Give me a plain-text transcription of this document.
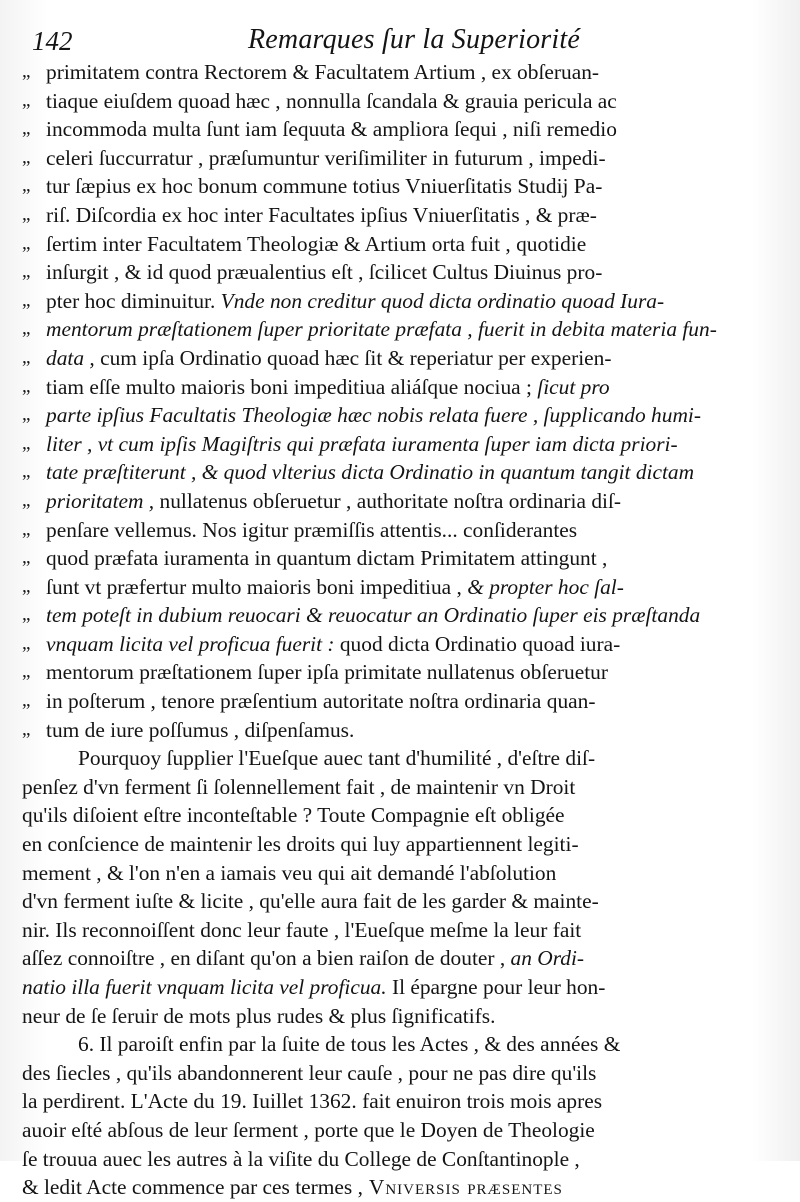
142	Remarques ſur la Superiorité
„ primitatem contra Rectorem & Facultatem Artium , ex obſeruan-
„ tiaque eiuſdem quoad hæc , nonnulla ſcandala & grauia pericula ac
„ incommoda multa ſunt iam ſequuta & ampliora ſequi , niſi remedio
„ celeri ſuccurratur , præſumuntur veriſimiliter in futurum , impedi-
„ tur ſæpius ex hoc bonum commune totius Vniuerſitatis Studij Pa-
„ riſ. Diſcordia ex hoc inter Facultates ipſius Vniuerſitatis , & præ-
„ ſertim inter Facultatem Theologiæ & Artium orta fuit , quotidie
„ inſurgit , & id quod præualentius eſt , ſcilicet Cultus Diuinus pro-
„ pter hoc diminuitur. Vnde non creditur quod dicta ordinatio quoad Iura-
„ mentorum præſtationem ſuper prioritate præfata , fuerit in debita materia fun-
„ data , cum ipſa Ordinatio quoad hæc ſit & reperiatur per experien-
„ tiam eſſe multo maioris boni impeditiua aliáſque nociua ; ſicut pro
„ parte ipſius Facultatis Theologiæ hæc nobis relata fuere , ſupplicando humi-
„ liter , vt cum ipſis Magiſtris qui præfata iuramenta ſuper iam dicta priori-
„ tate præſtiterunt , & quod vlterius dicta Ordinatio in quantum tangit dictam
„ prioritatem , nullatenus obſeruetur , authoritate noſtra ordinaria diſ-
„ penſare vellemus. Nos igitur præmiſſis attentis... conſiderantes
„ quod præfata iuramenta in quantum dictam Primitatem attingunt ,
„ ſunt vt præfertur multo maioris boni impeditiua , & propter hoc ſal-
„ tem poteſt in dubium reuocari & reuocatur an Ordinatio ſuper eis præſtanda
„ vnquam licita vel proficua fuerit : quod dicta Ordinatio quoad iura-
„ mentorum præſtationem ſuper ipſa primitate nullatenus obſeruetur
„ in poſterum , tenore præſentium autoritate noſtra ordinaria quan-
„ tum de iure poſſumus , diſpenſamus.
Pourquoy ſupplier l'Eueſque auec tant d'humilité , d'eſtre diſ-
penſez d'vn ferment ſi ſolennellement fait , de maintenir vn Droit
qu'ils diſoient eſtre inconteſtable ? Toute Compagnie eſt obligée
en conſcience de maintenir les droits qui luy appartiennent legiti-
mement , & l'on n'en a iamais veu qui ait demandé l'abſolution
d'vn ferment iuſte & licite , qu'elle aura fait de les garder & mainte-
nir. Ils reconnoiſſent donc leur faute , l'Eueſque meſme la leur fait
aſſez connoiſtre , en diſant qu'on a bien raiſon de douter , an Ordi-
natio illa fuerit vnquam licita vel proficua. Il épargne pour leur hon-
neur de ſe ſeruir de mots plus rudes & plus ſignificatifs.
6. Il paroiſt enfin par la ſuite de tous les Actes , & des années &
des ſiecles , qu'ils abandonnerent leur cauſe , pour ne pas dire qu'ils
la perdirent. L'Acte du 19. Iuillet 1362. fait enuiron trois mois apres
auoir eſté abſous de leur ſerment , porte que le Doyen de Theologie
ſe trouua auec les autres à la viſite du College de Conſtantinople ,
& ledit Acte commence par ces termes , Vniversis præsentes
